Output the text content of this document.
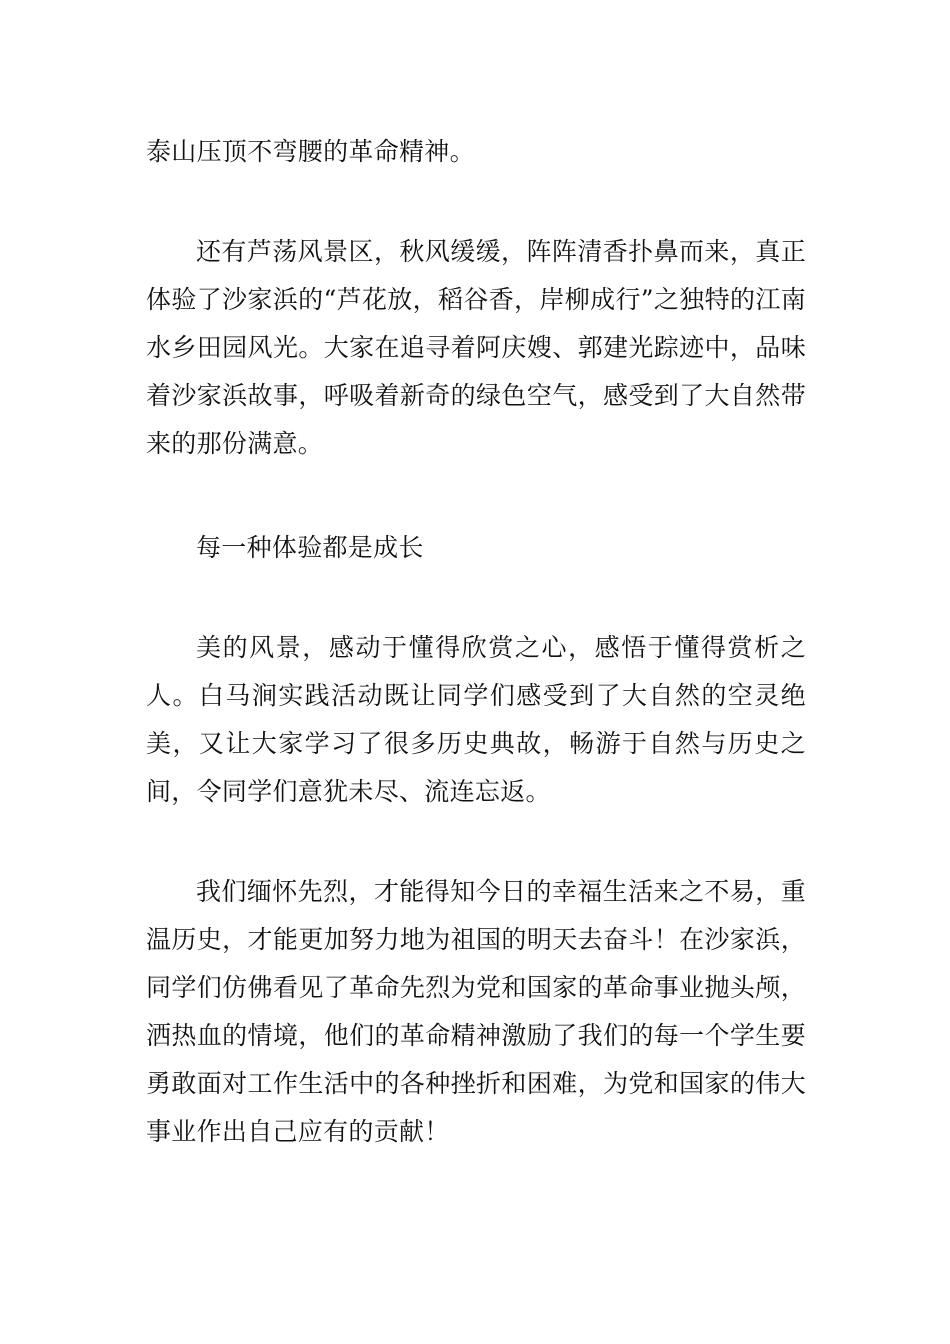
泰山压顶不弯腰的革命精神。

还有芦荡风景区，秋风缓缓，阵阵清香扑鼻而来，真正体验了沙家浜的“芦花放，稻谷香，岸柳成行”之独特的江南水乡田园风光。大家在追寻着阿庆嫂、郭建光踪迹中，品味着沙家浜故事，呼吸着新奇的绿色空气，感受到了大自然带来的那份满意。

每一种体验都是成长

美的风景，感动于懂得欣赏之心，感悟于懂得赏析之人。白马涧实践活动既让同学们感受到了大自然的空灵绝美，又让大家学习了很多历史典故，畅游于自然与历史之间，令同学们意犹未尽、流连忘返。

我们缅怀先烈，才能得知今日的幸福生活来之不易，重温历史，才能更加努力地为祖国的明天去奋斗！在沙家浜，同学们仿佛看见了革命先烈为党和国家的革命事业抛头颅，洒热血的情境，他们的革命精神激励了我们的每一个学生要勇敢面对工作生活中的各种挫折和困难，为党和国家的伟大事业作出自己应有的贡献！
